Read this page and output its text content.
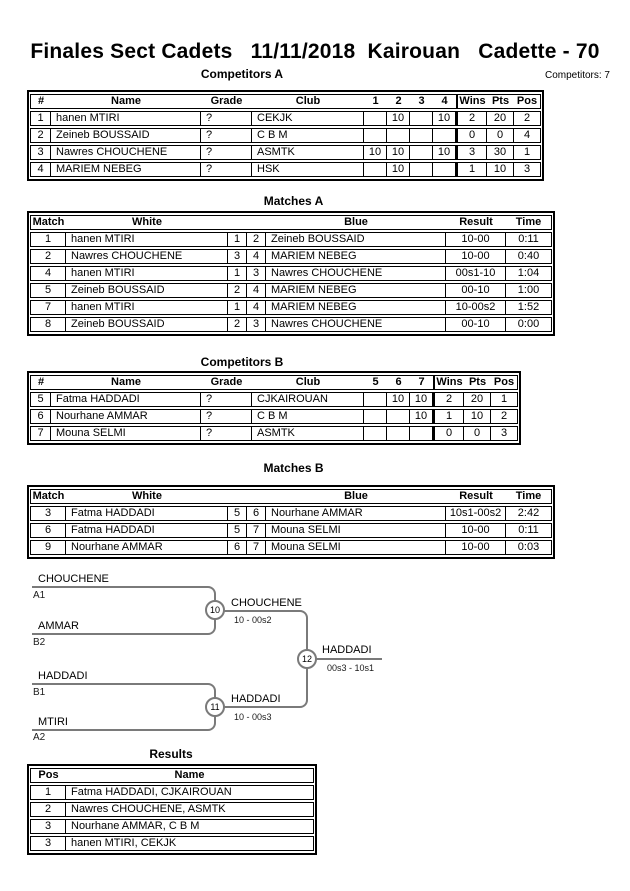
Finales Sect Cadets   11/11/2018  Kairouan   Cadette - 70
Competitors A	Competitors: 7
#	Name	Grade	Club	1	2	3	4	Wins	Pts	Pos
1	hanen MTIRI	?	CEKJK		10		10	2	20	2
2	Zeineb BOUSSAID	?	C B M					0	0	4
3	Nawres CHOUCHENE	?	ASMTK	10	10		10	3	30	1
4	MARIEM NEBEG	?	HSK		10			1	10	3
Matches A
Match	White			Blue	Result	Time
1	hanen MTIRI	1	2	Zeineb BOUSSAID	10-00	0:11
2	Nawres CHOUCHENE	3	4	MARIEM NEBEG	10-00	0:40
4	hanen MTIRI	1	3	Nawres CHOUCHENE	00s1-10	1:04
5	Zeineb BOUSSAID	2	4	MARIEM NEBEG	00-10	1:00
7	hanen MTIRI	1	4	MARIEM NEBEG	10-00s2	1:52
8	Zeineb BOUSSAID	2	3	Nawres CHOUCHENE	00-10	0:00
Competitors B
#	Name	Grade	Club	5	6	7	Wins	Pts	Pos
5	Fatma HADDADI	?	CJKAIROUAN		10	10	2	20	1
6	Nourhane AMMAR	?	C B M			10	1	10	2
7	Mouna SELMI	?	ASMTK				0	0	3
Matches B
Match	White			Blue	Result	Time
3	Fatma HADDADI	5	6	Nourhane AMMAR	10s1-00s2	2:42
6	Fatma HADDADI	5	7	Mouna SELMI	10-00	0:11
9	Nourhane AMMAR	6	7	Mouna SELMI	10-00	0:03
CHOUCHENE
AMMAR
HADDADI
MTIRI
A1
B2
B1
A2
CHOUCHENE
10 - 00s2
HADDADI
10 - 00s3
HADDADI
00s3 - 10s1
10
11
12
Results
Pos	Name
1	Fatma HADDADI, CJKAIROUAN
2	Nawres CHOUCHENE, ASMTK
3	Nourhane AMMAR, C B M
3	hanen MTIRI, CEKJK
